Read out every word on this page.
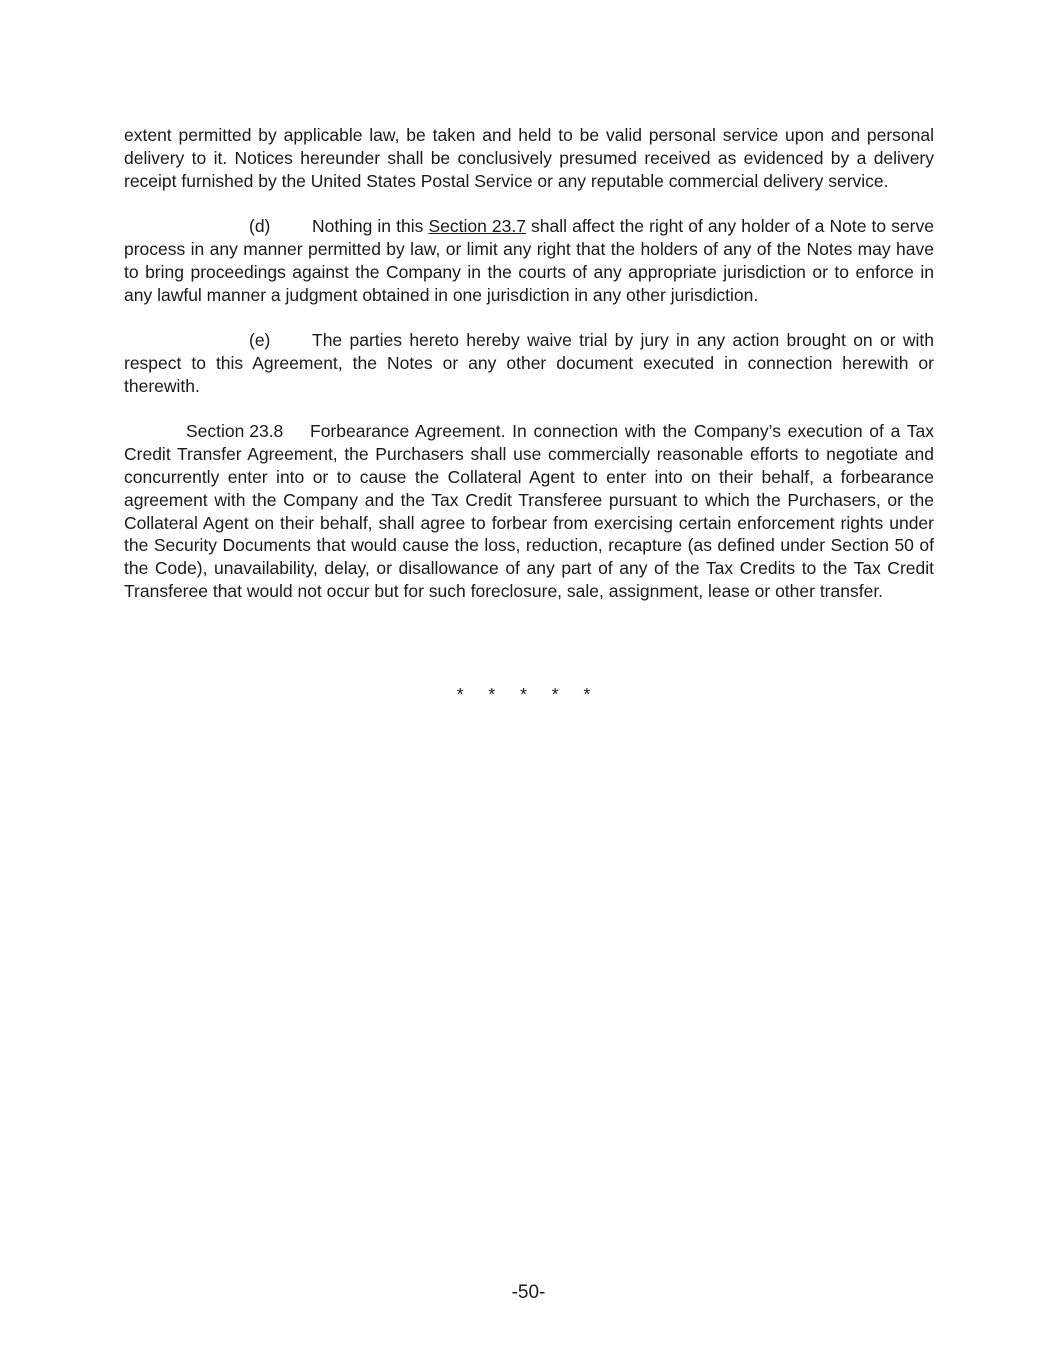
extent permitted by applicable law, be taken and held to be valid personal service upon and personal delivery to it. Notices hereunder shall be conclusively presumed received as evidenced by a delivery receipt furnished by the United States Postal Service or any reputable commercial delivery service.

(d) Nothing in this Section 23.7 shall affect the right of any holder of a Note to serve process in any manner permitted by law, or limit any right that the holders of any of the Notes may have to bring proceedings against the Company in the courts of any appropriate jurisdiction or to enforce in any lawful manner a judgment obtained in one jurisdiction in any other jurisdiction.

(e) The parties hereto hereby waive trial by jury in any action brought on or with respect to this Agreement, the Notes or any other document executed in connection herewith or therewith.

Section 23.8 Forbearance Agreement. In connection with the Company’s execution of a Tax Credit Transfer Agreement, the Purchasers shall use commercially reasonable efforts to negotiate and concurrently enter into or to cause the Collateral Agent to enter into on their behalf, a forbearance agreement with the Company and the Tax Credit Transferee pursuant to which the Purchasers, or the Collateral Agent on their behalf, shall agree to forbear from exercising certain enforcement rights under the Security Documents that would cause the loss, reduction, recapture (as defined under Section 50 of the Code), unavailability, delay, or disallowance of any part of any of the Tax Credits to the Tax Credit Transferee that would not occur but for such foreclosure, sale, assignment, lease or other transfer.

* * * * *
-50-
